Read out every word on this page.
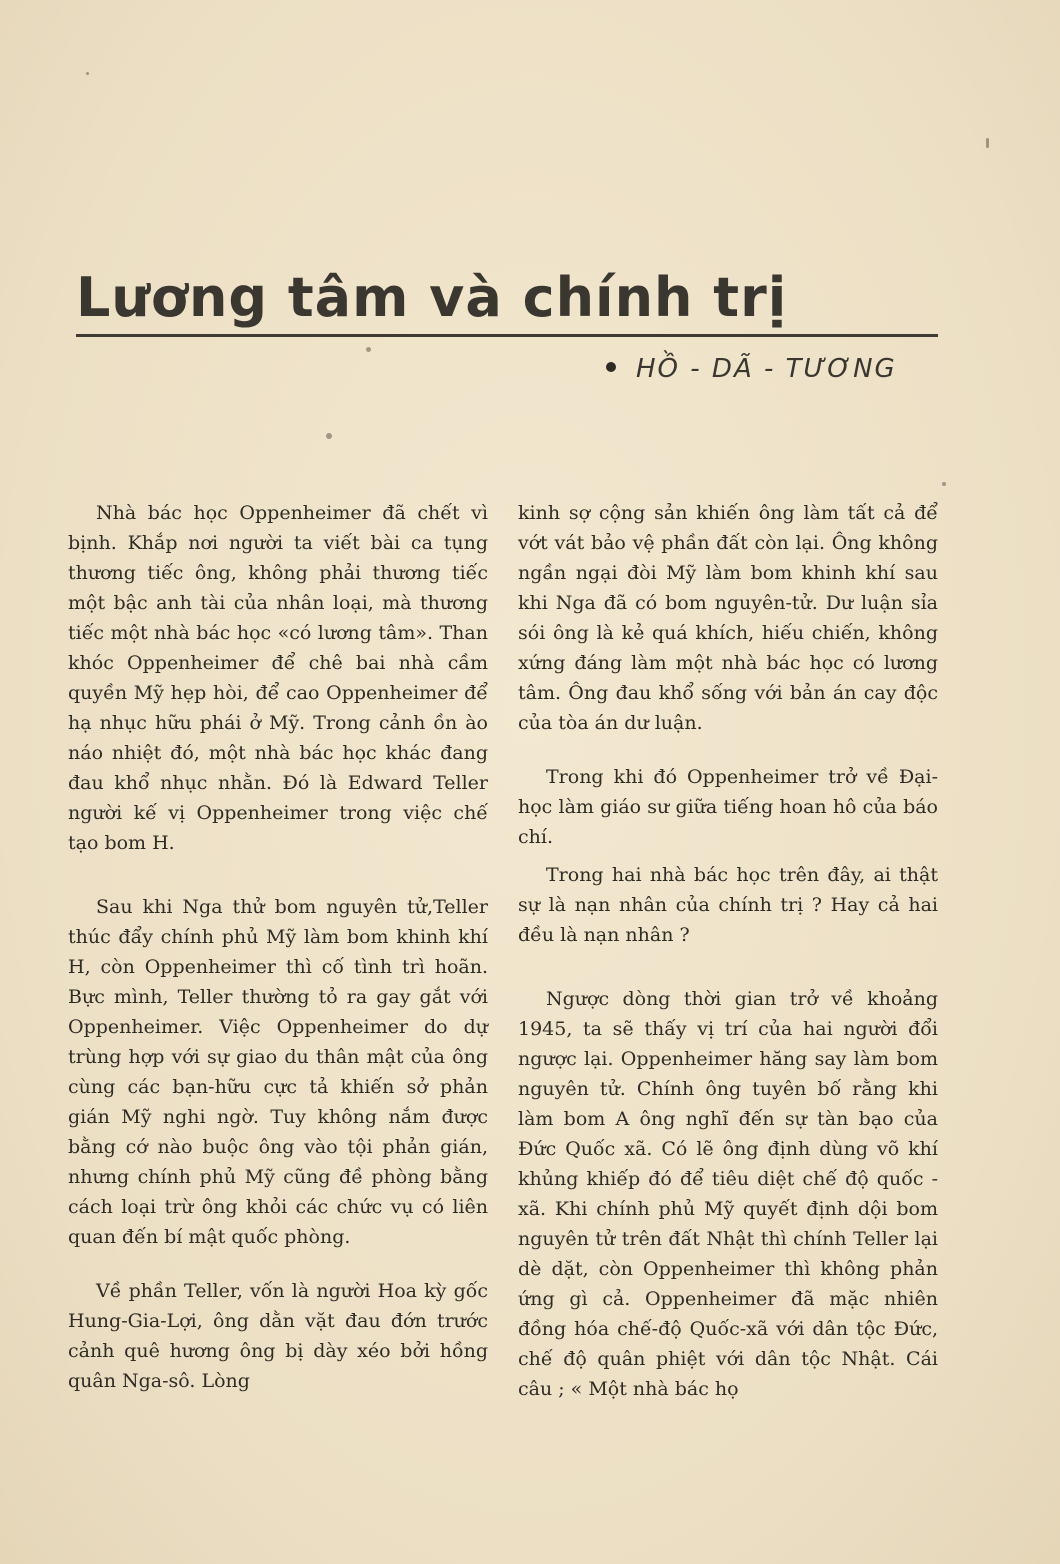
Lương tâm và chính trị
HỒ - DÃ - TƯƠNG

Nhà bác học Oppenheimer đã chết vì bịnh. Khắp nơi người ta viết bài ca tụng thương tiếc ông, không phải thương tiếc một bậc anh tài của nhân loại, mà thương tiếc một nhà bác học «có lương tâm». Than khóc Oppenheimer để chê bai nhà cầm quyền Mỹ hẹp hòi, để cao Oppenheimer để hạ nhục hữu phái ở Mỹ. Trong cảnh ồn ào náo nhiệt đó, một nhà bác học khác đang đau khổ nhục nhằn. Đó là Edward Teller người kế vị Oppenheimer trong việc chế tạo bom H.

Sau khi Nga thử bom nguyên tử,Teller thúc đẩy chính phủ Mỹ làm bom khinh khí H, còn Oppenheimer thì cố tình trì hoãn. Bực mình, Teller thường tỏ ra gay gắt với Oppenheimer. Việc Oppenheimer do dự trùng hợp với sự giao du thân mật của ông cùng các bạn-hữu cực tả khiến sở phản gián Mỹ nghi ngờ. Tuy không nắm được bằng cớ nào buộc ông vào tội phản gián, nhưng chính phủ Mỹ cũng đề phòng bằng cách loại trừ ông khỏi các chức vụ có liên quan đến bí mật quốc phòng.

Về phần Teller, vốn là người Hoa kỳ gốc Hung-Gia-Lợi, ông dằn vặt đau đớn trước cảnh quê hương ông bị dày xéo bởi hồng quân Nga-sô. Lòng

kinh sợ cộng sản khiến ông làm tất cả để vớt vát bảo vệ phần đất còn lại. Ông không ngần ngại đòi Mỹ làm bom khinh khí sau khi Nga đã có bom nguyên-tử. Dư luận sỉa sói ông là kẻ quá khích, hiếu chiến, không xứng đáng làm một nhà bác học có lương tâm. Ông đau khổ sống với bản án cay độc của tòa án dư luận.

Trong khi đó Oppenheimer trở về Đại-học làm giáo sư giữa tiếng hoan hô của báo chí.

Trong hai nhà bác học trên đây, ai thật sự là nạn nhân của chính trị ? Hay cả hai đều là nạn nhân ?

Ngược dòng thời gian trở về khoảng 1945, ta sẽ thấy vị trí của hai người đổi ngược lại. Oppenheimer hăng say làm bom nguyên tử. Chính ông tuyên bố rằng khi làm bom A ông nghĩ đến sự tàn bạo của Đức Quốc xã. Có lẽ ông định dùng võ khí khủng khiếp đó để tiêu diệt chế độ quốc - xã. Khi chính phủ Mỹ quyết định dội bom nguyên tử trên đất Nhật thì chính Teller lại dè dặt, còn Oppenheimer thì không phản ứng gì cả. Oppenheimer đã mặc nhiên đồng hóa chế-độ Quốc-xã với dân tộc Đức, chế độ quân phiệt với dân tộc Nhật. Cái câu ; « Một nhà bác họ
